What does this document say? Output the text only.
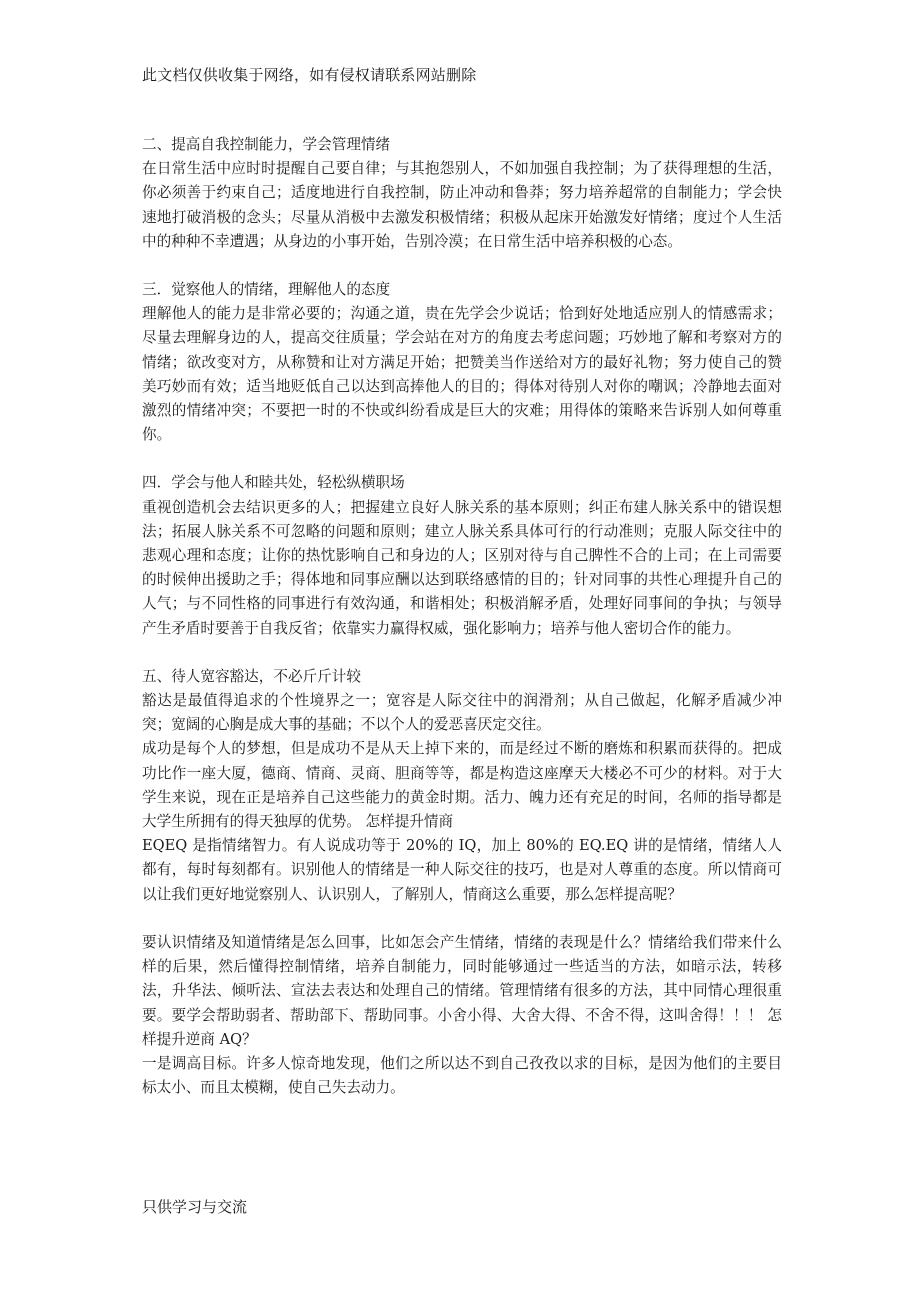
此文档仅供收集于网络，如有侵权请联系网站删除

二、提高自我控制能力，学会管理情绪

在日常生活中应时时提醒自己要自律；与其抱怨别人，不如加强自我控制；为了获得理想的生活，你必须善于约束自己；适度地进行自我控制，防止冲动和鲁莽；努力培养超常的自制能力；学会快速地打破消极的念头；尽量从消极中去激发积极情绪；积极从起床开始激发好情绪；度过个人生活中的种种不幸遭遇；从身边的小事开始，告别冷漠；在日常生活中培养积极的心态。

三．觉察他人的情绪，理解他人的态度

理解他人的能力是非常必要的；沟通之道，贵在先学会少说话；恰到好处地适应别人的情感需求；尽量去理解身边的人，提高交往质量；学会站在对方的角度去考虑问题；巧妙地了解和考察对方的情绪；欲改变对方，从称赞和让对方满足开始；把赞美当作送给对方的最好礼物；努力使自己的赞美巧妙而有效；适当地贬低自己以达到高捧他人的目的；得体对待别人对你的嘲讽；冷静地去面对激烈的情绪冲突；不要把一时的不快或纠纷看成是巨大的灾难；用得体的策略来告诉别人如何尊重你。

四．学会与他人和睦共处，轻松纵横职场

重视创造机会去结识更多的人；把握建立良好人脉关系的基本原则；纠正布建人脉关系中的错误想法；拓展人脉关系不可忽略的问题和原则；建立人脉关系具体可行的行动准则；克服人际交往中的悲观心理和态度；让你的热忱影响自己和身边的人；区别对待与自己脾性不合的上司；在上司需要的时候伸出援助之手；得体地和同事应酬以达到联络感情的目的；针对同事的共性心理提升自己的人气；与不同性格的同事进行有效沟通，和谐相处；积极消解矛盾，处理好同事间的争执；与领导产生矛盾时要善于自我反省；依靠实力赢得权威，强化影响力；培养与他人密切合作的能力。

五、待人宽容豁达，不必斤斤计较

豁达是最值得追求的个性境界之一；宽容是人际交往中的润滑剂；从自己做起，化解矛盾减少冲突；宽阔的心胸是成大事的基础；不以个人的爱恶喜厌定交往。

成功是每个人的梦想，但是成功不是从天上掉下来的，而是经过不断的磨炼和积累而获得的。把成功比作一座大厦，德商、情商、灵商、胆商等等，都是构造这座摩天大楼必不可少的材料。对于大学生来说，现在正是培养自己这些能力的黄金时期。活力、魄力还有充足的时间，名师的指导都是大学生所拥有的得天独厚的优势。 怎样提升情商

EQEQ 是指情绪智力。有人说成功等于 20%的 IQ，加上 80%的 EQ.EQ 讲的是情绪，情绪人人都有，每时每刻都有。识别他人的情绪是一种人际交往的技巧，也是对人尊重的态度。所以情商可以让我们更好地觉察别人、认识别人，了解别人，情商这么重要，那么怎样提高呢？

要认识情绪及知道情绪是怎么回事，比如怎会产生情绪，情绪的表现是什么？情绪给我们带来什么样的后果，然后懂得控制情绪，培养自制能力，同时能够通过一些适当的方法，如暗示法，转移法，升华法、倾听法、宣法去表达和处理自己的情绪。管理情绪有很多的方法，其中同情心理很重要。要学会帮助弱者、帮助部下、帮助同事。小舍小得、大舍大得、不舍不得，这叫舍得！！！ 怎样提升逆商 AQ？

一是调高目标。许多人惊奇地发现，他们之所以达不到自己孜孜以求的目标，是因为他们的主要目标太小、而且太模糊，使自己失去动力。

只供学习与交流
